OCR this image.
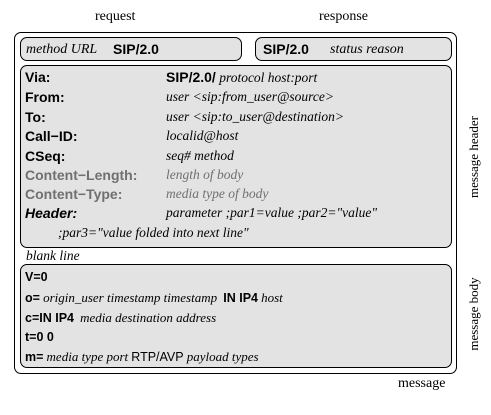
request	response
method URL SIP/2.0	SIP/2.0 status reason
Via:	SIP/2.0/ protocol host:port
From:	user <sip:from_user@source>
To:	user <sip:to_user@destination>
Call−ID:	localid@host
CSeq:	seq# method
Content−Length: length of body
Content−Type:	media type of body
Header:	parameter ;par1=value ;par2="value"
;par3="value folded into next line"
blank line
V=0
o= origin_user timestamp timestamp IN IP4 host
c=IN IP4 media destination address
t=0 0
m= media type port RTP/AVP payload types
message header
message body
message
